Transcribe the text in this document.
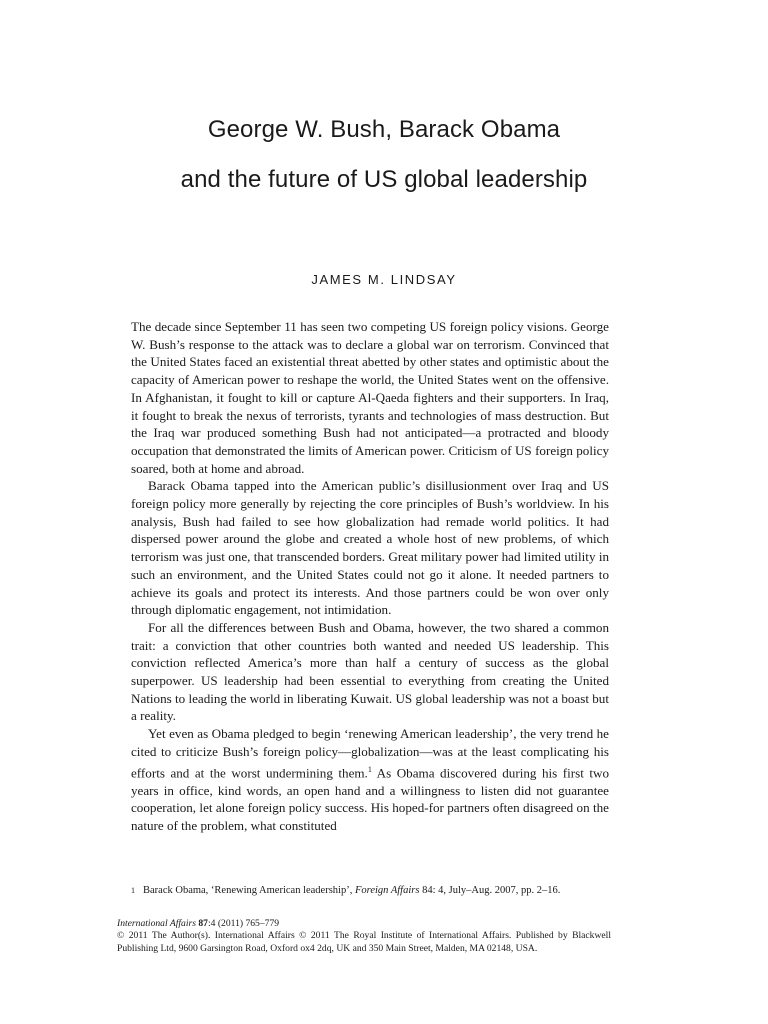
George W. Bush, Barack Obama
and the future of US global leadership
JAMES M. LINDSAY

The decade since September 11 has seen two competing US foreign policy visions. George W. Bush’s response to the attack was to declare a global war on terrorism. Convinced that the United States faced an existential threat abetted by other states and optimistic about the capacity of American power to reshape the world, the United States went on the offensive. In Afghanistan, it fought to kill or capture Al-Qaeda fighters and their supporters. In Iraq, it fought to break the nexus of terrorists, tyrants and technologies of mass destruction. But the Iraq war produced something Bush had not anticipated—a protracted and bloody occupation that demonstrated the limits of American power. Criticism of US foreign policy soared, both at home and abroad.

Barack Obama tapped into the American public’s disillusionment over Iraq and US foreign policy more generally by rejecting the core principles of Bush’s worldview. In his analysis, Bush had failed to see how globalization had remade world politics. It had dispersed power around the globe and created a whole host of new problems, of which terrorism was just one, that transcended borders. Great military power had limited utility in such an environment, and the United States could not go it alone. It needed partners to achieve its goals and protect its interests. And those partners could be won over only through diplomatic engagement, not intimidation.

For all the differences between Bush and Obama, however, the two shared a common trait: a conviction that other countries both wanted and needed US leadership. This conviction reflected America’s more than half a century of success as the global superpower. US leadership had been essential to everything from creating the United Nations to leading the world in liberating Kuwait. US global leadership was not a boast but a reality.

Yet even as Obama pledged to begin ‘renewing American leadership’, the very trend he cited to criticize Bush’s foreign policy—globalization—was at the least complicating his efforts and at the worst undermining them.$^1$ As Obama discovered during his first two years in office, kind words, an open hand and a willingness to listen did not guarantee cooperation, let alone foreign policy success. His hoped-for partners often disagreed on the nature of the problem, what constituted

1 Barack Obama, ‘Renewing American leadership’, Foreign Affairs 84: 4, July–Aug. 2007, pp. 2–16.
International Affairs 87:4 (2011) 765–779
© 2011 The Author(s). International Affairs © 2011 The Royal Institute of International Affairs. Published by Blackwell Publishing Ltd, 9600 Garsington Road, Oxford ox4 2dq, UK and 350 Main Street, Malden, MA 02148, USA.
